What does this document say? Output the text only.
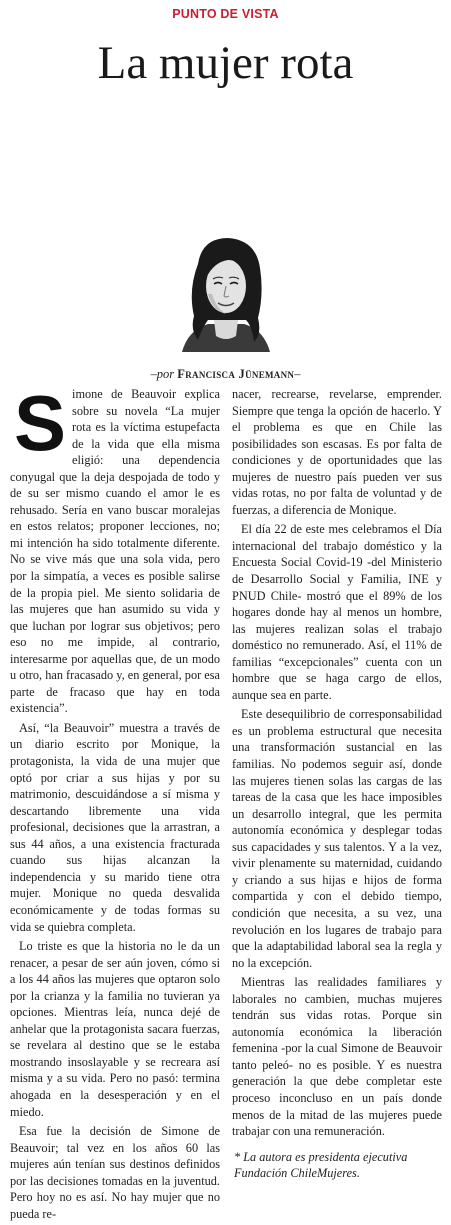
PUNTO DE VISTA
La mujer rota
–por Francisca Jünemann–

Simone de Beauvoir explica sobre su novela “La mujer rota es la víctima estupefacta de la vida que ella misma eligió: una dependencia conyugal que la deja despojada de todo y de su ser mismo cuando el amor le es rehusado. Sería en vano buscar moralejas en estos relatos; proponer lecciones, no; mi intención ha sido totalmente diferente. No se vive más que una sola vida, pero por la simpatía, a veces es posible salirse de la propia piel. Me siento solidaria de las mujeres que han asumido su vida y que luchan por lograr sus objetivos; pero eso no me impide, al contrario, interesarme por aquellas que, de un modo u otro, han fracasado y, en general, por esa parte de fracaso que hay en toda existencia”.

Así, “la Beauvoir” muestra a través de un diario escrito por Monique, la protagonista, la vida de una mujer que optó por criar a sus hijas y por su matrimonio, descuidándose a sí misma y descartando libremente una vida profesional, decisiones que la arrastran, a sus 44 años, a una existencia fracturada cuando sus hijas alcanzan la independencia y su marido tiene otra mujer. Monique no queda desvalida económicamente y de todas formas su vida se quiebra completa.

Lo triste es que la historia no le da un renacer, a pesar de ser aún joven, cómo si a los 44 años las mujeres que optaron solo por la crianza y la familia no tuvieran ya opciones. Mientras leía, nunca dejé de anhelar que la protagonista sacara fuerzas, se revelara al destino que se le estaba mostrando insoslayable y se recreara así misma y a su vida. Pero no pasó: termina ahogada en la desesperación y en el miedo.

Esa fue la decisión de Simone de Beauvoir; tal vez en los años 60 las mujeres aún tenían sus destinos definidos por las decisiones tomadas en la juventud. Pero hoy no es así. No hay mujer que no pueda re-

nacer, recrearse, revelarse, emprender. Siempre que tenga la opción de hacerlo. Y el problema es que en Chile las posibilidades son escasas. Es por falta de condiciones y de oportunidades que las mujeres de nuestro país pueden ver sus vidas rotas, no por falta de voluntad y de fuerzas, a diferencia de Monique.

El día 22 de este mes celebramos el Día internacional del trabajo doméstico y la Encuesta Social Covid-19 -del Ministerio de Desarrollo Social y Familia, INE y PNUD Chile- mostró que el 89% de los hogares donde hay al menos un hombre, las mujeres realizan solas el trabajo doméstico no remunerado. Así, el 11% de familias “excepcionales” cuenta con un hombre que se haga cargo de ellos, aunque sea en parte.

Este desequilibrio de corresponsabilidad es un problema estructural que necesita una transformación sustancial en las familias. No podemos seguir así, donde las mujeres tienen solas las cargas de las tareas de la casa que les hace imposibles un desarrollo integral, que les permita autonomía económica y desplegar todas sus capacidades y sus talentos. Y a la vez, vivir plenamente su maternidad, cuidando y criando a sus hijas e hijos de forma compartida y con el debido tiempo, condición que necesita, a su vez, una revolución en los lugares de trabajo para que la adaptabilidad laboral sea la regla y no la excepción.

Mientras las realidades familiares y laborales no cambien, muchas mujeres tendrán sus vidas rotas. Porque sin autonomía económica la liberación femenina -por la cual Simone de Beauvoir tanto peleó- no es posible. Y es nuestra generación la que debe completar este proceso inconcluso en un país donde menos de la mitad de las mujeres puede trabajar con una remuneración.

* La autora es presidenta ejecutiva Fundación ChileMujeres.
